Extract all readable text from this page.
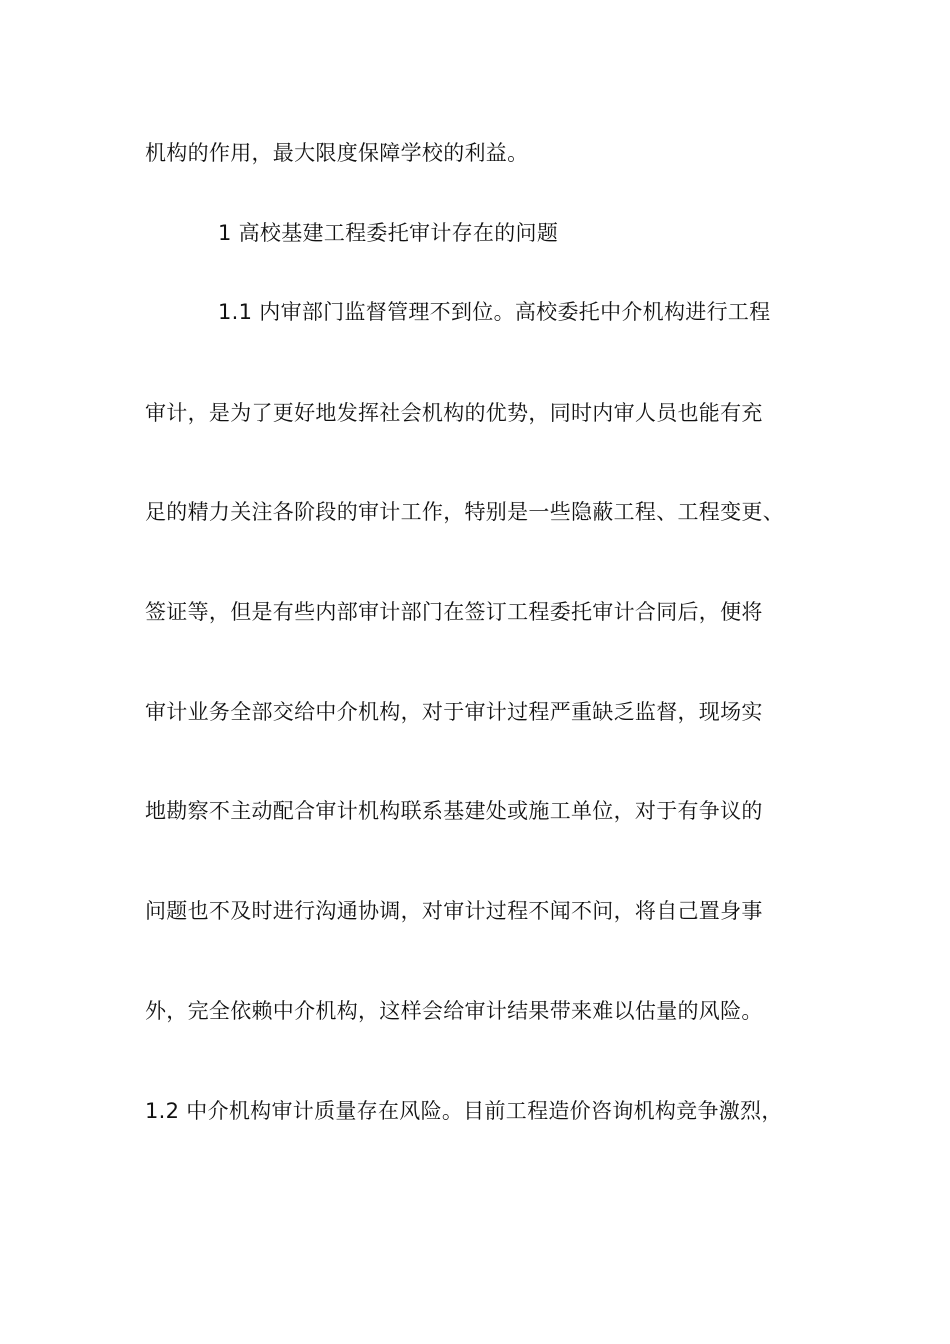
机构的作用，最大限度保障学校的利益。
1 高校基建工程委托审计存在的问题
1.1 内审部门监督管理不到位。高校委托中介机构进行工程
审计，是为了更好地发挥社会机构的优势，同时内审人员也能有充
足的精力关注各阶段的审计工作，特别是一些隐蔽工程、工程变更、
签证等，但是有些内部审计部门在签订工程委托审计合同后，便将
审计业务全部交给中介机构，对于审计过程严重缺乏监督，现场实
地勘察不主动配合审计机构联系基建处或施工单位，对于有争议的
问题也不及时进行沟通协调，对审计过程不闻不问，将自己置身事
外，完全依赖中介机构，这样会给审计结果带来难以估量的风险。
1.2 中介机构审计质量存在风险。目前工程造价咨询机构竞争激烈，
